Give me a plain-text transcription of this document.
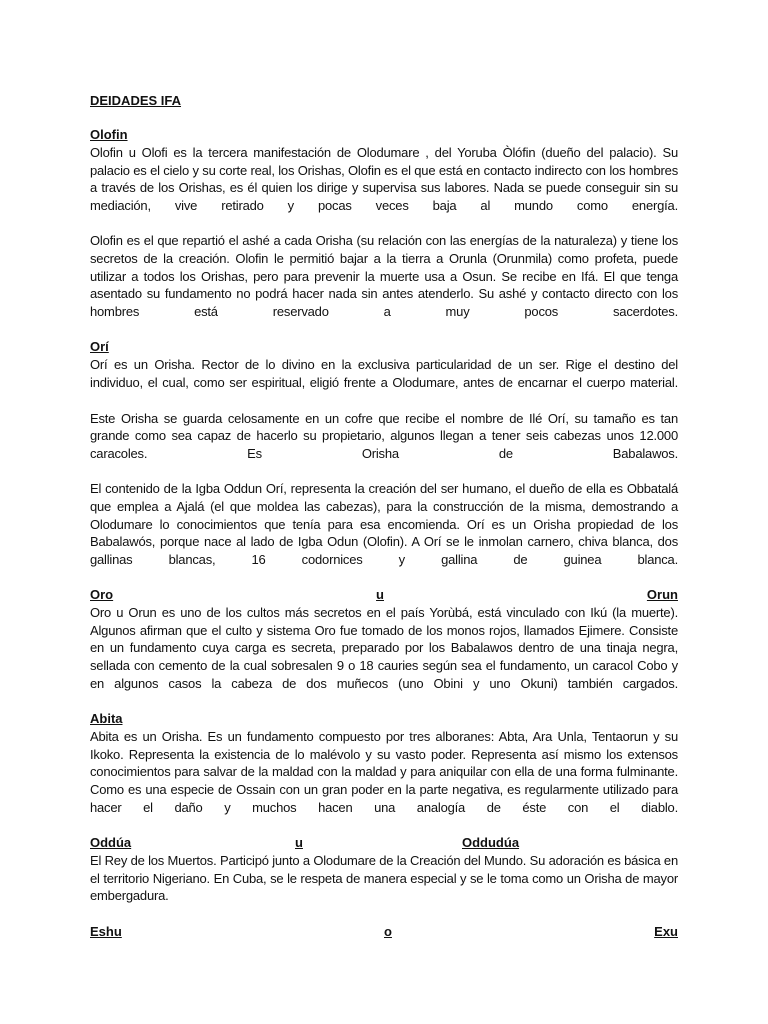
DEIDADES IFA
Olofin

Olofin u Olofi es la tercera manifestación de Olodumare , del Yoruba Òlófin (dueño del palacio). Su palacio es el cielo y su corte real, los Orishas, Olofin es el que está en contacto indirecto con los hombres a través de los Orishas, es él quien los dirige y supervisa sus labores. Nada se puede conseguir sin su mediación, vive retirado y pocas veces baja al mundo como energía.

Olofin es el que repartió el ashé a cada Orisha (su relación con las energías de la naturaleza) y tiene los secretos de la creación. Olofin le permitió bajar a la tierra a Orunla (Orunmila) como profeta, puede utilizar a todos los Orishas, pero para prevenir la muerte usa a Osun. Se recibe en Ifá. El que tenga asentado su fundamento no podrá hacer nada sin antes atenderlo. Su ashé y contacto directo con los hombres está reservado a muy pocos sacerdotes.

Orí

Orí es un Orisha. Rector de lo divino en la exclusiva particularidad de un ser. Rige el destino del individuo, el cual, como ser espiritual, eligió frente a Olodumare, antes de encarnar el cuerpo material.

Este Orisha se guarda celosamente en un cofre que recibe el nombre de Ilé Orí, su tamaño es tan grande como sea capaz de hacerlo su propietario, algunos llegan a tener seis cabezas unos 12.000 caracoles. Es Orisha de Babalawos.

El contenido de la Igba Oddun Orí, representa la creación del ser humano, el dueño de ella es Obbatalá que emplea a Ajalá (el que moldea las cabezas), para la construcción de la misma, demostrando a Olodumare lo conocimientos que tenía para esa encomienda. Orí es un Orisha propiedad de los Babalawós, porque nace al lado de Igba Odun (Olofin). A Orí se le inmolan carnero, chiva blanca, dos gallinas blancas, 16 codornices y gallina de guinea blanca.

Oro	u	Orun

Oro u Orun es uno de los cultos más secretos en el país Yorùbá, está vinculado con Ikú (la muerte). Algunos afirman que el culto y sistema Oro fue tomado de los monos rojos, llamados Ejimere. Consiste en un fundamento cuya carga es secreta, preparado por los Babalawos dentro de una tinaja negra, sellada con cemento de la cual sobresalen 9 o 18 cauries según sea el fundamento, un caracol Cobo y en algunos casos la cabeza de dos muñecos (uno Obini y uno Okuni) también cargados.

Abita

Abita es un Orisha. Es un fundamento compuesto por tres alboranes: Abta, Ara Unla, Tentaorun y su Ikoko. Representa la existencia de lo malévolo y su vasto poder. Representa así mismo los extensos conocimientos para salvar de la maldad con la maldad y para aniquilar con ella de una forma fulminante. Como es una especie de Ossain con un gran poder en la parte negativa, es regularmente utilizado para hacer el daño y muchos hacen una analogía de éste con el diablo.

Oddúa	u	Oddudúa

El Rey de los Muertos. Participó junto a Olodumare de la Creación del Mundo. Su adoración es básica en el territorio Nigeriano. En Cuba, se le respeta de manera especial y se le toma como un Orisha de mayor embergadura.

Eshu	o	Exu
